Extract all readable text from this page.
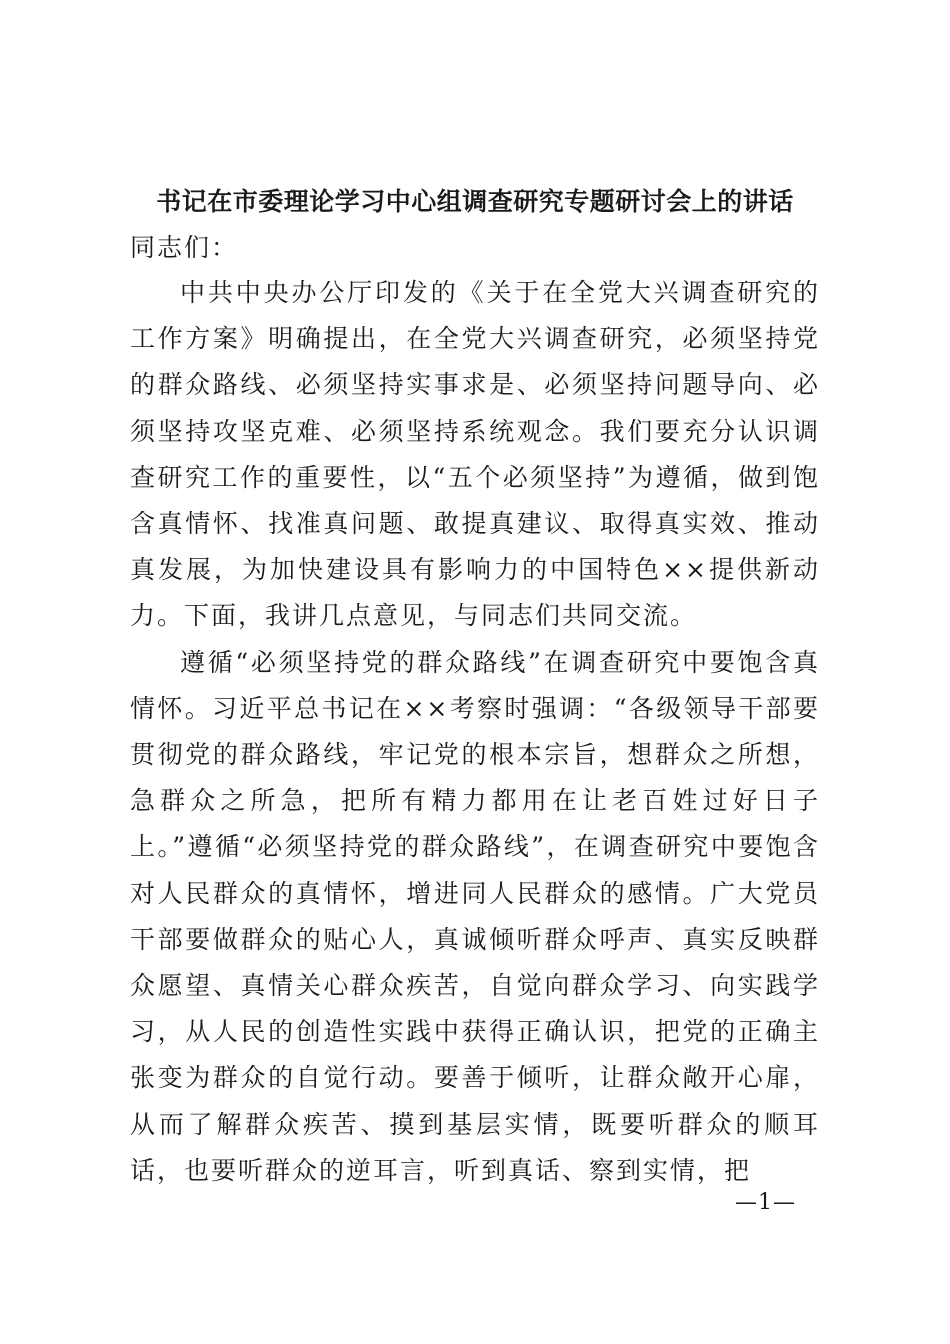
书记在市委理论学习中心组调查研究专题研讨会上的讲话
同志们：

中共中央办公厅印发的《关于在全党大兴调查研究的工作方案》明确提出，在全党大兴调查研究，必须坚持党的群众路线、必须坚持实事求是、必须坚持问题导向、必须坚持攻坚克难、必须坚持系统观念。我们要充分认识调查研究工作的重要性，以“五个必须坚持”为遵循，做到饱含真情怀、找准真问题、敢提真建议、取得真实效、推动真发展，为加快建设具有影响力的中国特色××提供新动力。下面，我讲几点意见，与同志们共同交流。

遵循“必须坚持党的群众路线”在调查研究中要饱含真情怀。习近平总书记在××考察时强调：“各级领导干部要贯彻党的群众路线，牢记党的根本宗旨，想群众之所想，急群众之所急，把所有精力都用在让老百姓过好日子上。”遵循“必须坚持党的群众路线”，在调查研究中要饱含对人民群众的真情怀，增进同人民群众的感情。广大党员干部要做群众的贴心人，真诚倾听群众呼声、真实反映群众愿望、真情关心群众疾苦，自觉向群众学习、向实践学习，从人民的创造性实践中获得正确认识，把党的正确主张变为群众的自觉行动。要善于倾听，让群众敞开心扉，从而了解群众疾苦、摸到基层实情，既要听群众的顺耳话，也要听群众的逆耳言，听到真话、察到实情，把

—1—
